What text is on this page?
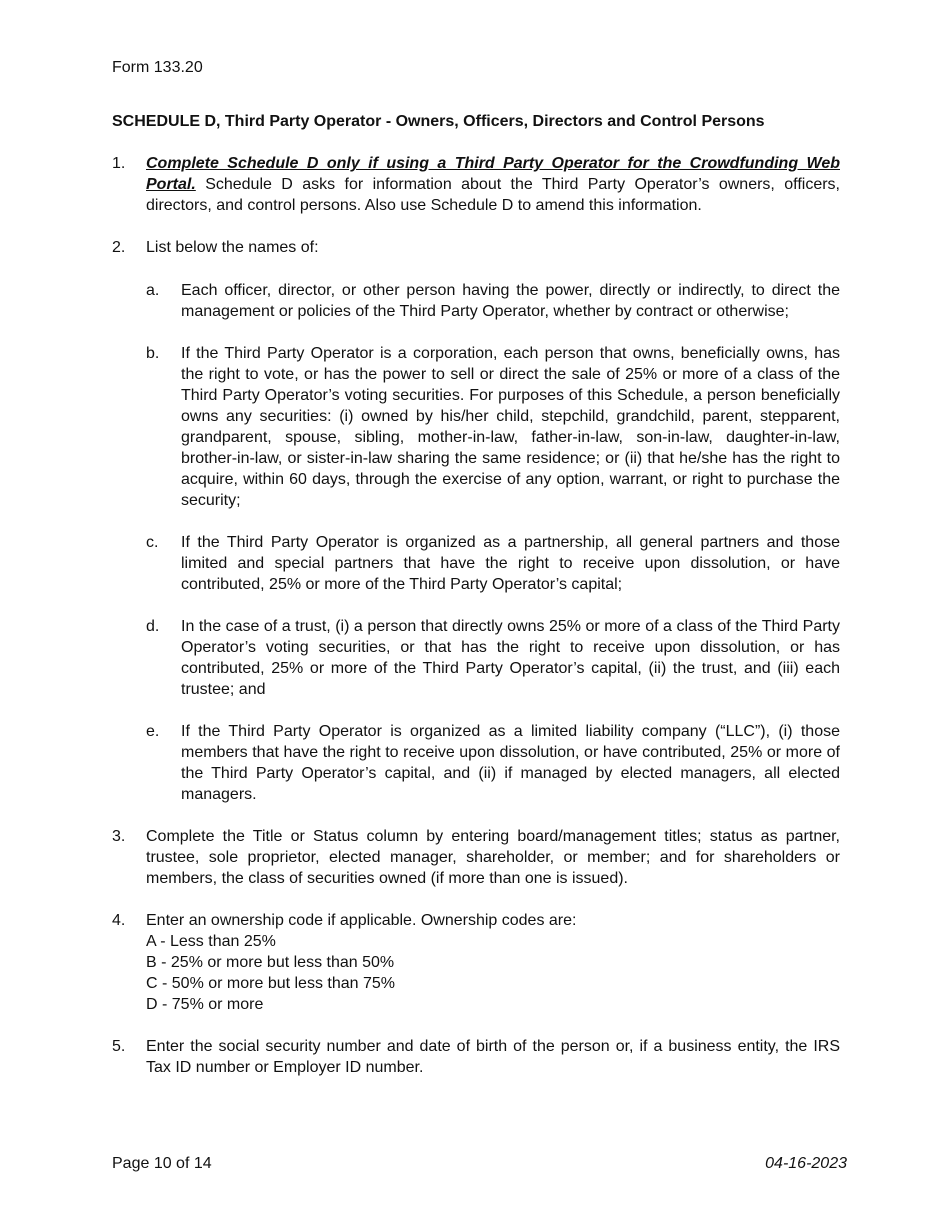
Form 133.20
SCHEDULE D, Third Party Operator - Owners, Officers, Directors and Control Persons
1. Complete Schedule D only if using a Third Party Operator for the Crowdfunding Web Portal. Schedule D asks for information about the Third Party Operator’s owners, officers, directors, and control persons. Also use Schedule D to amend this information.
2. List below the names of:
a. Each officer, director, or other person having the power, directly or indirectly, to direct the management or policies of the Third Party Operator, whether by contract or otherwise;
b. If the Third Party Operator is a corporation, each person that owns, beneficially owns, has the right to vote, or has the power to sell or direct the sale of 25% or more of a class of the Third Party Operator’s voting securities. For purposes of this Schedule, a person beneficially owns any securities: (i) owned by his/her child, stepchild, grandchild, parent, stepparent, grandparent, spouse, sibling, mother-in-law, father-in-law, son-in-law, daughter-in-law, brother-in-law, or sister-in-law sharing the same residence; or (ii) that he/she has the right to acquire, within 60 days, through the exercise of any option, warrant, or right to purchase the security;
c. If the Third Party Operator is organized as a partnership, all general partners and those limited and special partners that have the right to receive upon dissolution, or have contributed, 25% or more of the Third Party Operator’s capital;
d. In the case of a trust, (i) a person that directly owns 25% or more of a class of the Third Party Operator’s voting securities, or that has the right to receive upon dissolution, or has contributed, 25% or more of the Third Party Operator’s capital, (ii) the trust, and (iii) each trustee; and
e. If the Third Party Operator is organized as a limited liability company (“LLC”), (i) those members that have the right to receive upon dissolution, or have contributed, 25% or more of the Third Party Operator’s capital, and (ii) if managed by elected managers, all elected managers.
3. Complete the Title or Status column by entering board/management titles; status as partner, trustee, sole proprietor, elected manager, shareholder, or member; and for shareholders or members, the class of securities owned (if more than one is issued).
4. Enter an ownership code if applicable. Ownership codes are:
A - Less than 25%
B - 25% or more but less than 50%
C - 50% or more but less than 75%
D - 75% or more
5. Enter the social security number and date of birth of the person or, if a business entity, the IRS Tax ID number or Employer ID number.
Page 10 of 14	04-16-2023
